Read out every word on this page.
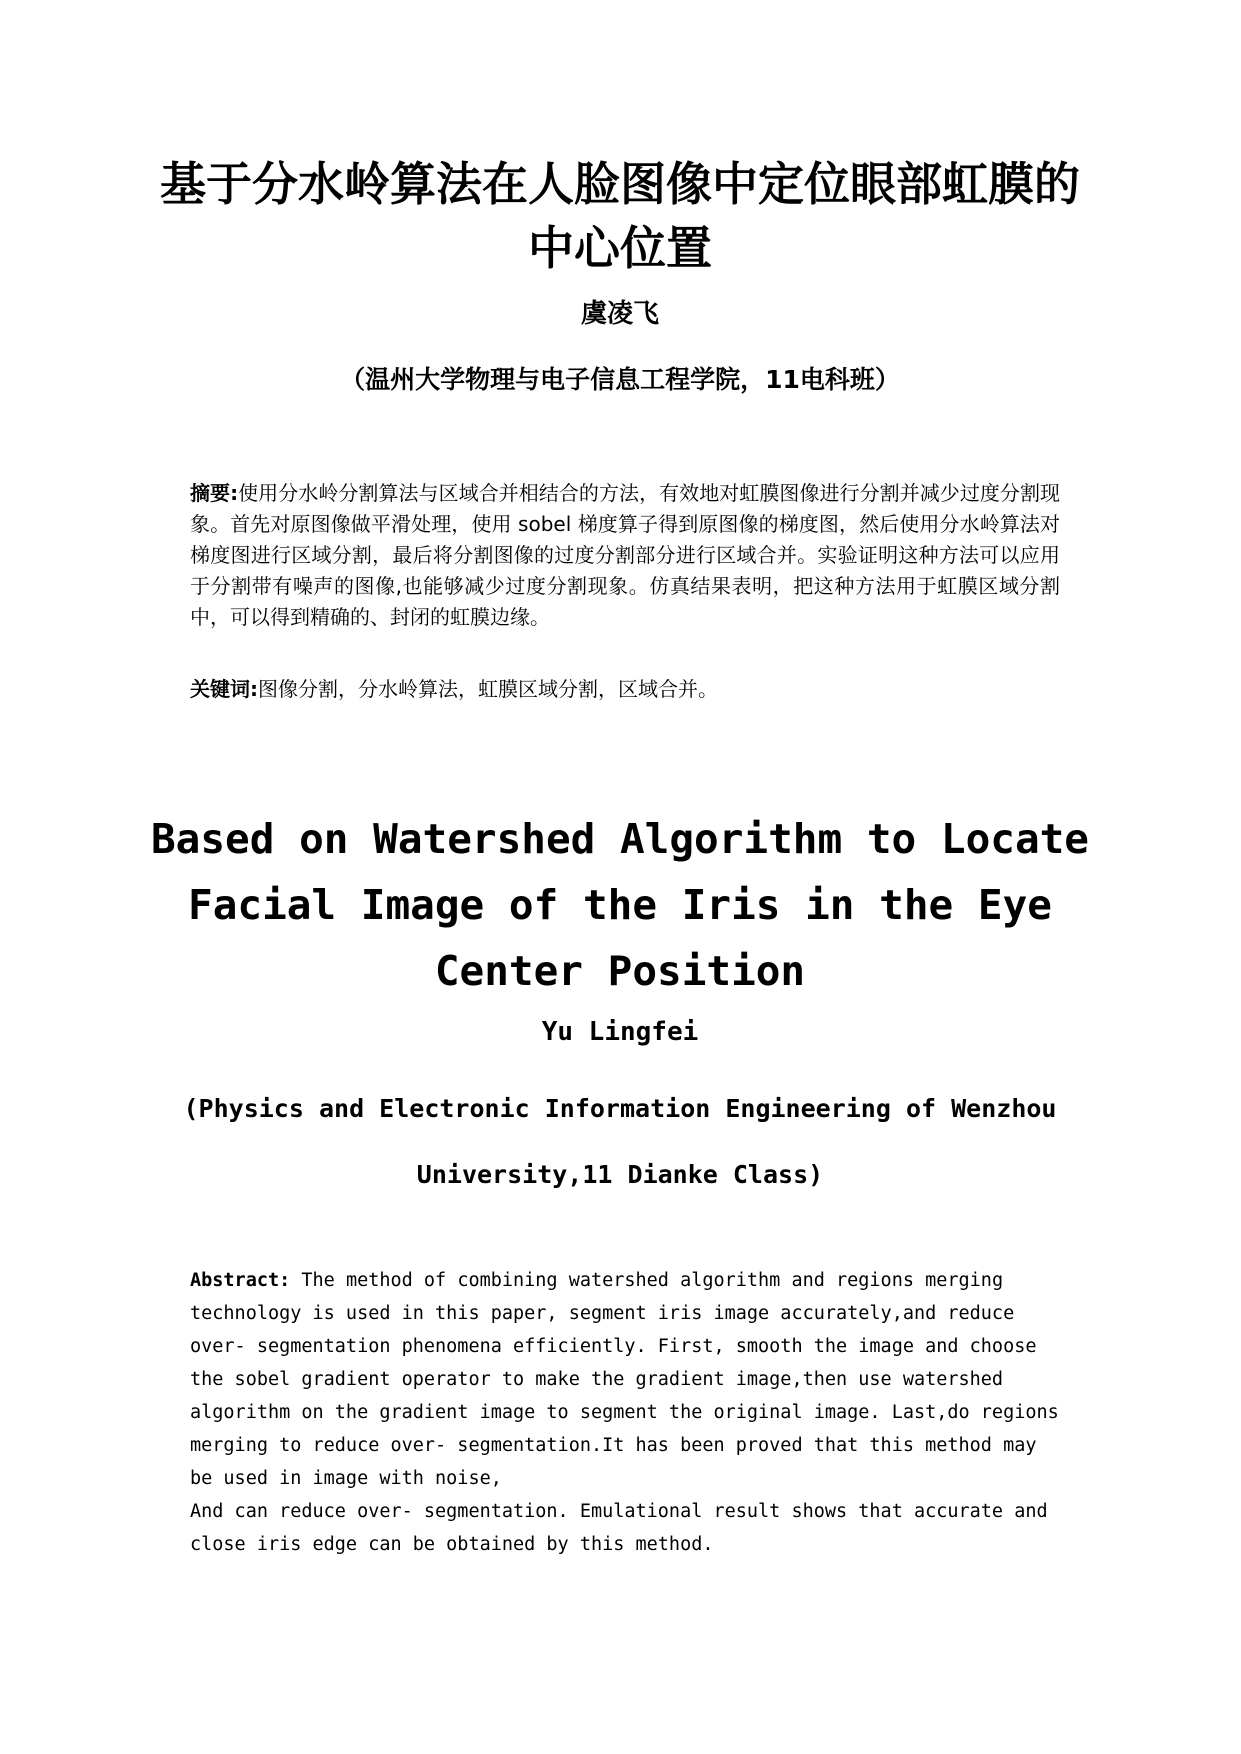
基于分水岭算法在人脸图像中定位眼部虹膜的中心位置
虞凌飞
（温州大学物理与电子信息工程学院，11电科班）
摘要:使用分水岭分割算法与区域合并相结合的方法，有效地对虹膜图像进行分割并减少过度分割现象。首先对原图像做平滑处理，使用 sobel 梯度算子得到原图像的梯度图，然后使用分水岭算法对梯度图进行区域分割，最后将分割图像的过度分割部分进行区域合并。实验证明这种方法可以应用于分割带有噪声的图像,也能够减少过度分割现象。仿真结果表明，把这种方法用于虹膜区域分割中，可以得到精确的、封闭的虹膜边缘。
关键词:图像分割，分水岭算法，虹膜区域分割，区域合并。
Based on Watershed Algorithm to Locate Facial Image of the Iris in the Eye Center Position
Yu Lingfei
(Physics and Electronic Information Engineering of Wenzhou University,11 Dianke Class)

Abstract: The method of combining watershed algorithm and regions merging technology is used in this paper, segment iris image accurately,and reduce over- segmentation phenomena efficiently. First, smooth the image and choose the sobel gradient operator to make the gradient image,then use watershed algorithm on the gradient image to segment the original image. Last,do regions merging to reduce over- segmentation.It has been proved that this method may be used in image with noise,

And can reduce over- segmentation. Emulational result shows that accurate and close iris edge can be obtained by this method.
